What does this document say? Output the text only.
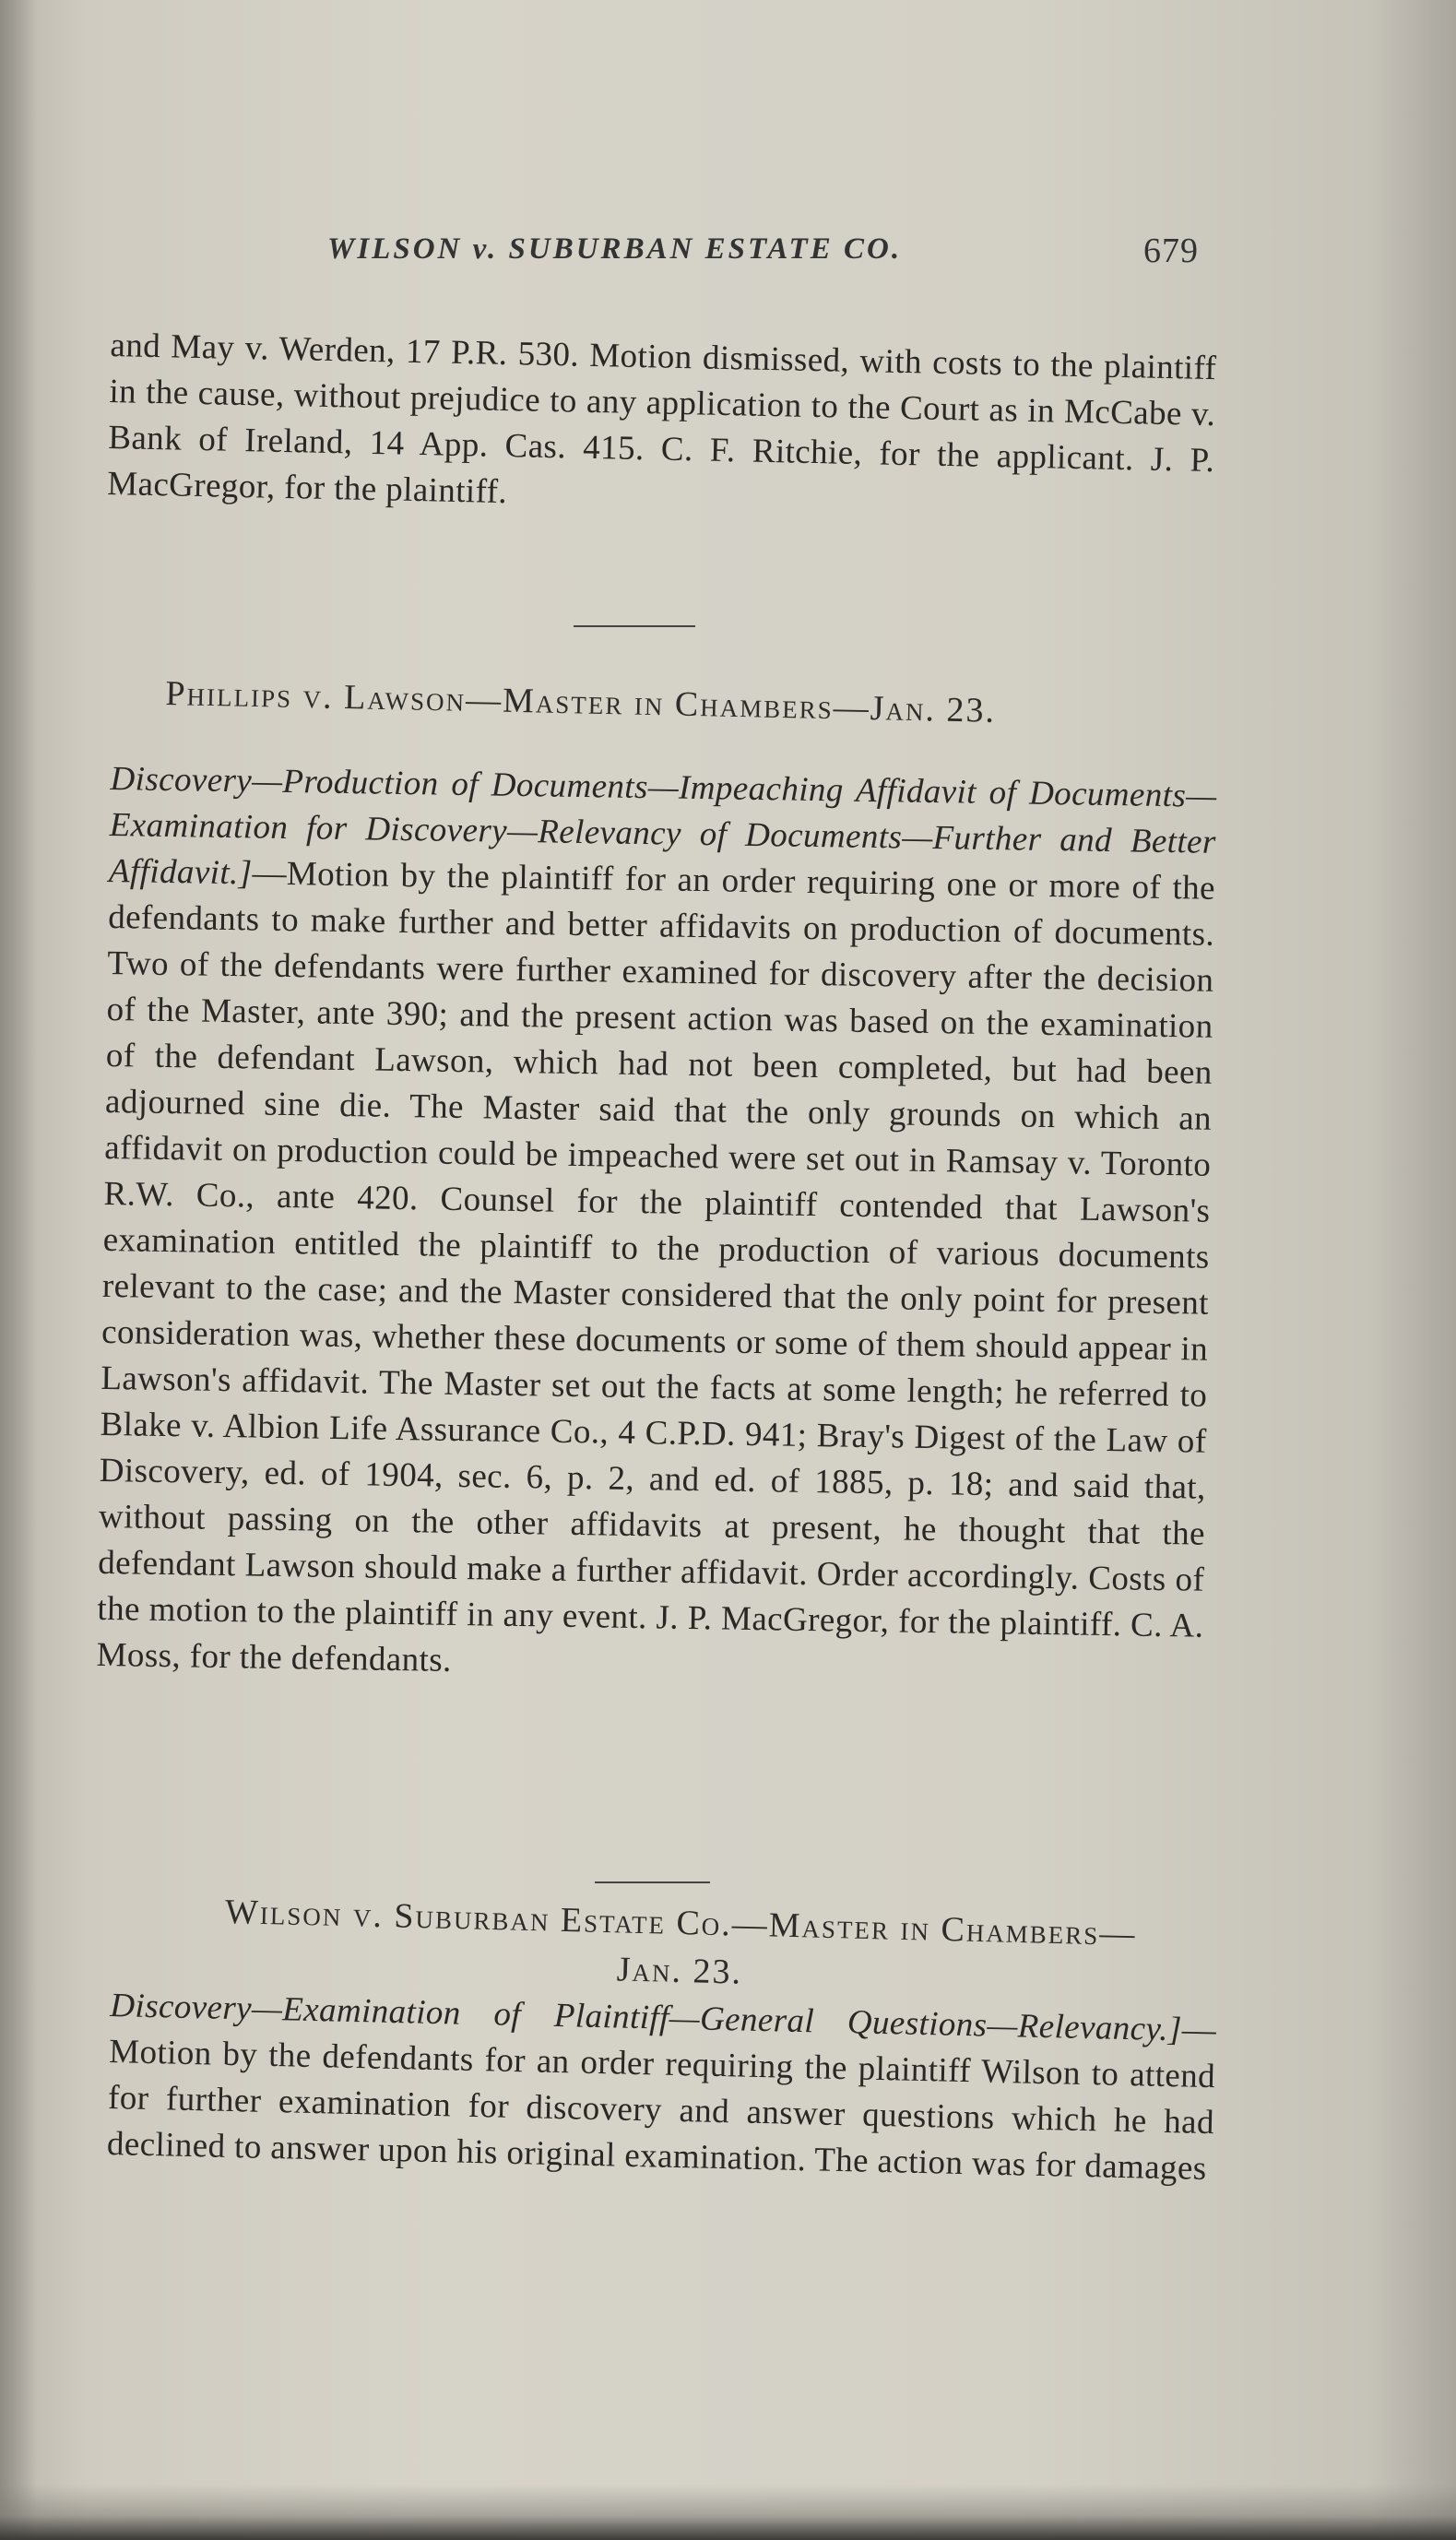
WILSON v. SUBURBAN ESTATE CO.	679

and May v. Werden, 17 P.R. 530. Motion dismissed, with costs to the plaintiff in the cause, without prejudice to any application to the Court as in McCabe v. Bank of Ireland, 14 App. Cas. 415. C. F. Ritchie, for the applicant. J. P. MacGregor, for the plaintiff.

Phillips v. Lawson—Master in Chambers—Jan. 23.

Discovery—Production of Documents—Impeaching Affidavit of Documents—Examination for Discovery—Relevancy of Documents—Further and Better Affidavit.]—Motion by the plaintiff for an order requiring one or more of the defendants to make further and better affidavits on production of documents. Two of the defendants were further examined for discovery after the decision of the Master, ante 390; and the present action was based on the examination of the defendant Lawson, which had not been completed, but had been adjourned sine die. The Master said that the only grounds on which an affidavit on production could be impeached were set out in Ramsay v. Toronto R.W. Co., ante 420. Counsel for the plaintiff contended that Lawson's examination entitled the plaintiff to the production of various documents relevant to the case; and the Master considered that the only point for present consideration was, whether these documents or some of them should appear in Lawson's affidavit. The Master set out the facts at some length; he referred to Blake v. Albion Life Assurance Co., 4 C.P.D. 941; Bray's Digest of the Law of Discovery, ed. of 1904, sec. 6, p. 2, and ed. of 1885, p. 18; and said that, without passing on the other affidavits at present, he thought that the defendant Lawson should make a further affidavit. Order accordingly. Costs of the motion to the plaintiff in any event. J. P. MacGregor, for the plaintiff. C. A. Moss, for the defendants.

Wilson v. Suburban Estate Co.—Master in Chambers—
Jan. 23.

Discovery—Examination of Plaintiff—General Questions—Relevancy.]—Motion by the defendants for an order requiring the plaintiff Wilson to attend for further examination for discovery and answer questions which he had declined to answer upon his original examination. The action was for damages
